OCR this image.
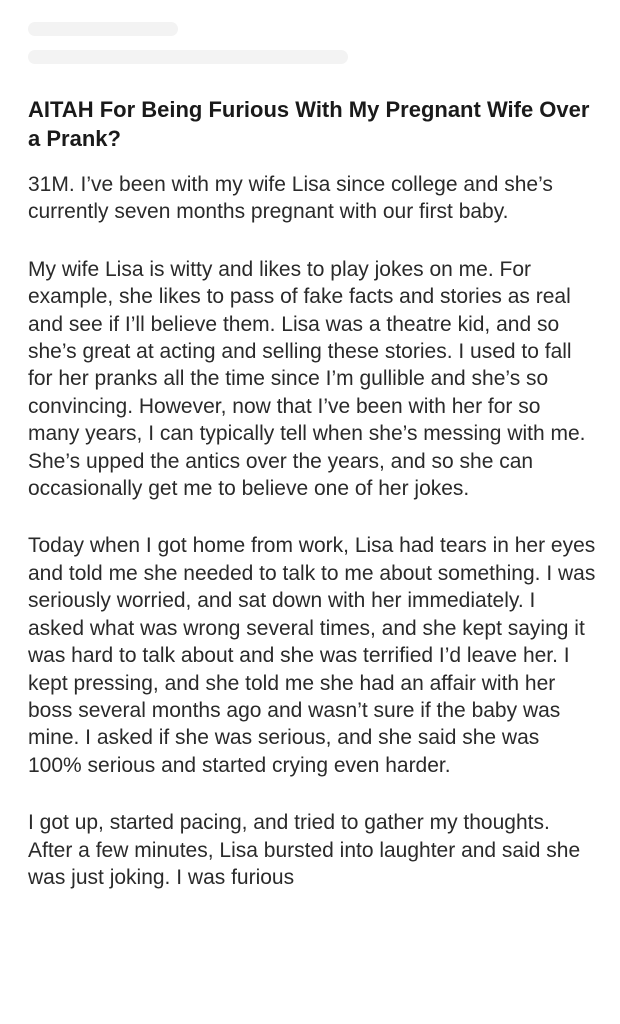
AITAH For Being Furious With My Pregnant Wife Over a Prank?

31M. I’ve been with my wife Lisa since college and she’s currently seven months pregnant with our first baby.

My wife Lisa is witty and likes to play jokes on me. For example, she likes to pass of fake facts and stories as real and see if I’ll believe them. Lisa was a theatre kid, and so she’s great at acting and selling these stories. I used to fall for her pranks all the time since I’m gullible and she’s so convincing. However, now that I’ve been with her for so many years, I can typically tell when she’s messing with me. She’s upped the antics over the years, and so she can occasionally get me to believe one of her jokes.

Today when I got home from work, Lisa had tears in her eyes and told me she needed to talk to me about something. I was seriously worried, and sat down with her immediately. I asked what was wrong several times, and she kept saying it was hard to talk about and she was terrified I’d leave her. I kept pressing, and she told me she had an affair with her boss several months ago and wasn’t sure if the baby was mine. I asked if she was serious, and she said she was 100% serious and started crying even harder.

I got up, started pacing, and tried to gather my thoughts. After a few minutes, Lisa bursted into laughter and said she was just joking. I was furious
